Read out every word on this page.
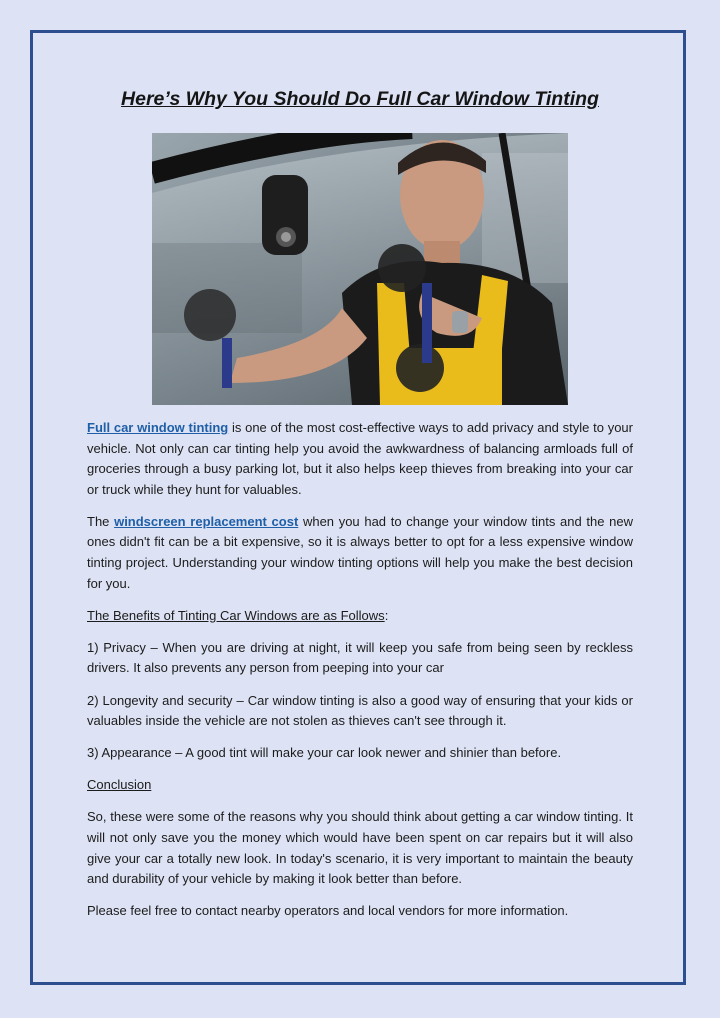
Here’s Why You Should Do Full Car Window Tinting

Full car window tinting is one of the most cost-effective ways to add privacy and style to your vehicle. Not only can car tinting help you avoid the awkwardness of balancing armloads full of groceries through a busy parking lot, but it also helps keep thieves from breaking into your car or truck while they hunt for valuables.

The windscreen replacement cost when you had to change your window tints and the new ones didn't fit can be a bit expensive, so it is always better to opt for a less expensive window tinting project. Understanding your window tinting options will help you make the best decision for you.

The Benefits of Tinting Car Windows are as Follows:

1) Privacy – When you are driving at night, it will keep you safe from being seen by reckless drivers. It also prevents any person from peeping into your car

2) Longevity and security – Car window tinting is also a good way of ensuring that your kids or valuables inside the vehicle are not stolen as thieves can't see through it.

3) Appearance – A good tint will make your car look newer and shinier than before.

Conclusion

So, these were some of the reasons why you should think about getting a car window tinting. It will not only save you the money which would have been spent on car repairs but it will also give your car a totally new look. In today's scenario, it is very important to maintain the beauty and durability of your vehicle by making it look better than before.

Please feel free to contact nearby operators and local vendors for more information.
